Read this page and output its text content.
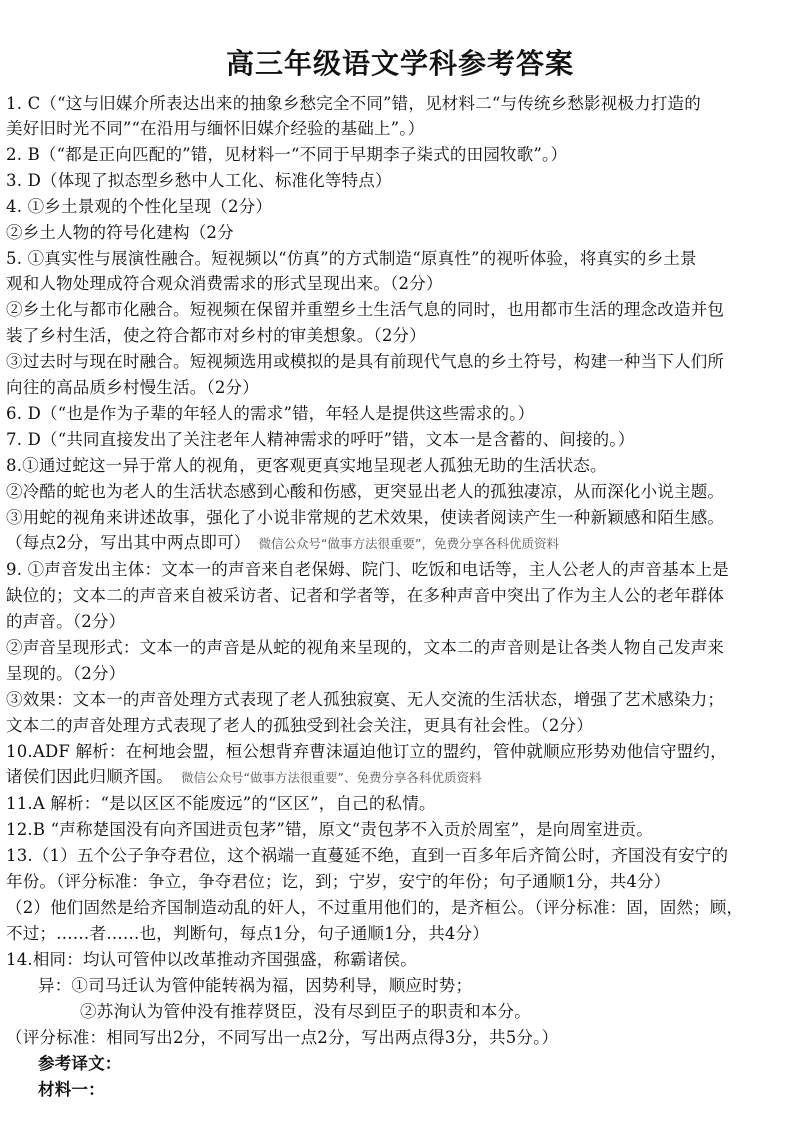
高三年级语文学科参考答案
1. C（“这与旧媒介所表达出来的抽象乡愁完全不同”错，见材料二“与传统乡愁影视极力打造的
美好旧时光不同”“在沿用与缅怀旧媒介经验的基础上”。）
2. B（“都是正向匹配的”错，见材料一“不同于早期李子柒式的田园牧歌”。）
3. D（体现了拟态型乡愁中人工化、标准化等特点）
4. ①乡土景观的个性化呈现（2分）
②乡土人物的符号化建构（2分
5. ①真实性与展演性融合。短视频以“仿真”的方式制造“原真性”的视听体验，将真实的乡土景
观和人物处理成符合观众消费需求的形式呈现出来。（2分）
②乡土化与都市化融合。短视频在保留并重塑乡土生活气息的同时，也用都市生活的理念改造并包
装了乡村生活，使之符合都市对乡村的审美想象。（2分）
③过去时与现在时融合。短视频选用或模拟的是具有前现代气息的乡土符号，构建一种当下人们所
向往的高品质乡村慢生活。（2分）
6. D（“也是作为子辈的年轻人的需求”错，年轻人是提供这些需求的。）
7. D（“共同直接发出了关注老年人精神需求的呼吁”错，文本一是含蓄的、间接的。）
8.①通过蛇这一异于常人的视角，更客观更真实地呈现老人孤独无助的生活状态。
②冷酷的蛇也为老人的生活状态感到心酸和伤感，更突显出老人的孤独凄凉，从而深化小说主题。
③用蛇的视角来讲述故事，强化了小说非常规的艺术效果，使读者阅读产生一种新颖感和陌生感。
（每点2分，写出其中两点即可） 微信公众号“做事方法很重要”，免费分享各科优质资料
9. ①声音发出主体：文本一的声音来自老保姆、院门、吃饭和电话等，主人公老人的声音基本上是
缺位的；文本二的声音来自被采访者、记者和学者等，在多种声音中突出了作为主人公的老年群体
的声音。（2分）
②声音呈现形式：文本一的声音是从蛇的视角来呈现的，文本二的声音则是让各类人物自己发声来
呈现的。（2分）
③效果：文本一的声音处理方式表现了老人孤独寂寞、无人交流的生活状态，增强了艺术感染力；
文本二的声音处理方式表现了老人的孤独受到社会关注，更具有社会性。（2分）
10.ADF 解析：在柯地会盟，桓公想背弃曹沫逼迫他订立的盟约，管仲就顺应形势劝他信守盟约，
诸侯们因此归顺齐国。 微信公众号“做事方法很重要”、免费分享各科优质资料
11.A 解析：“是以区区不能废远”的“区区”，自己的私情。
12.B “声称楚国没有向齐国进贡包茅”错，原文“责包茅不入贡於周室”，是向周室进贡。
13.（1）五个公子争夺君位，这个祸端一直蔓延不绝，直到一百多年后齐简公时，齐国没有安宁的
年份。（评分标准：争立，争夺君位；讫，到；宁岁，安宁的年份；句子通顺1分，共4分）
（2）他们固然是给齐国制造动乱的奸人，不过重用他们的，是齐桓公。（评分标准：固，固然；顾，
不过；……者……也，判断句，每点1分，句子通顺1分，共4分）
14.相同：均认可管仲以改革推动齐国强盛，称霸诸侯。
异：①司马迁认为管仲能转祸为福，因势利导，顺应时势；
②苏洵认为管仲没有推荐贤臣，没有尽到臣子的职责和本分。
（评分标准：相同写出2分，不同写出一点2分，写出两点得3分，共5分。）
参考译文：
材料一：
